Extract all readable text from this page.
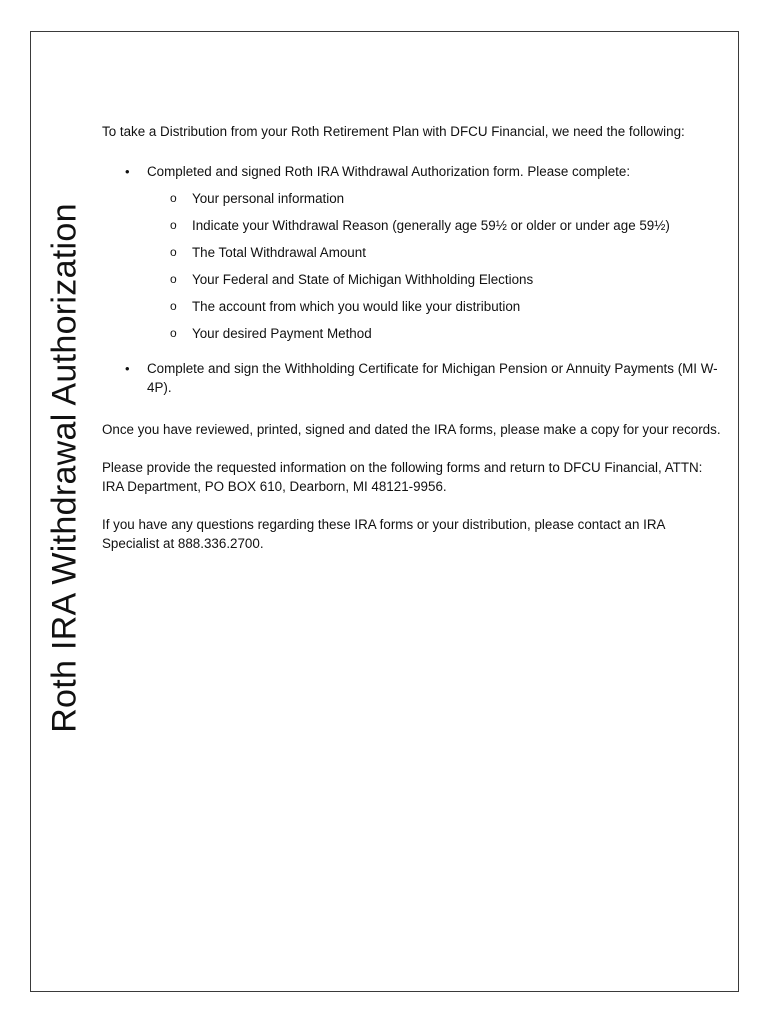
Roth IRA Withdrawal Authorization

To take a Distribution from your Roth Retirement Plan with DFCU Financial, we need the following:

• Completed and signed Roth IRA Withdrawal Authorization form. Please complete:
o Your personal information
o Indicate your Withdrawal Reason (generally age 59½ or older or under age 59½)
o The Total Withdrawal Amount
o Your Federal and State of Michigan Withholding Elections
o The account from which you would like your distribution
o Your desired Payment Method
• Complete and sign the Withholding Certificate for Michigan Pension or Annuity Payments (MI W-4P).

Once you have reviewed, printed, signed and dated the IRA forms, please make a copy for your records.

Please provide the requested information on the following forms and return to DFCU Financial, ATTN: IRA Department, PO BOX 610, Dearborn, MI 48121-9956.

If you have any questions regarding these IRA forms or your distribution, please contact an IRA Specialist at 888.336.2700.
